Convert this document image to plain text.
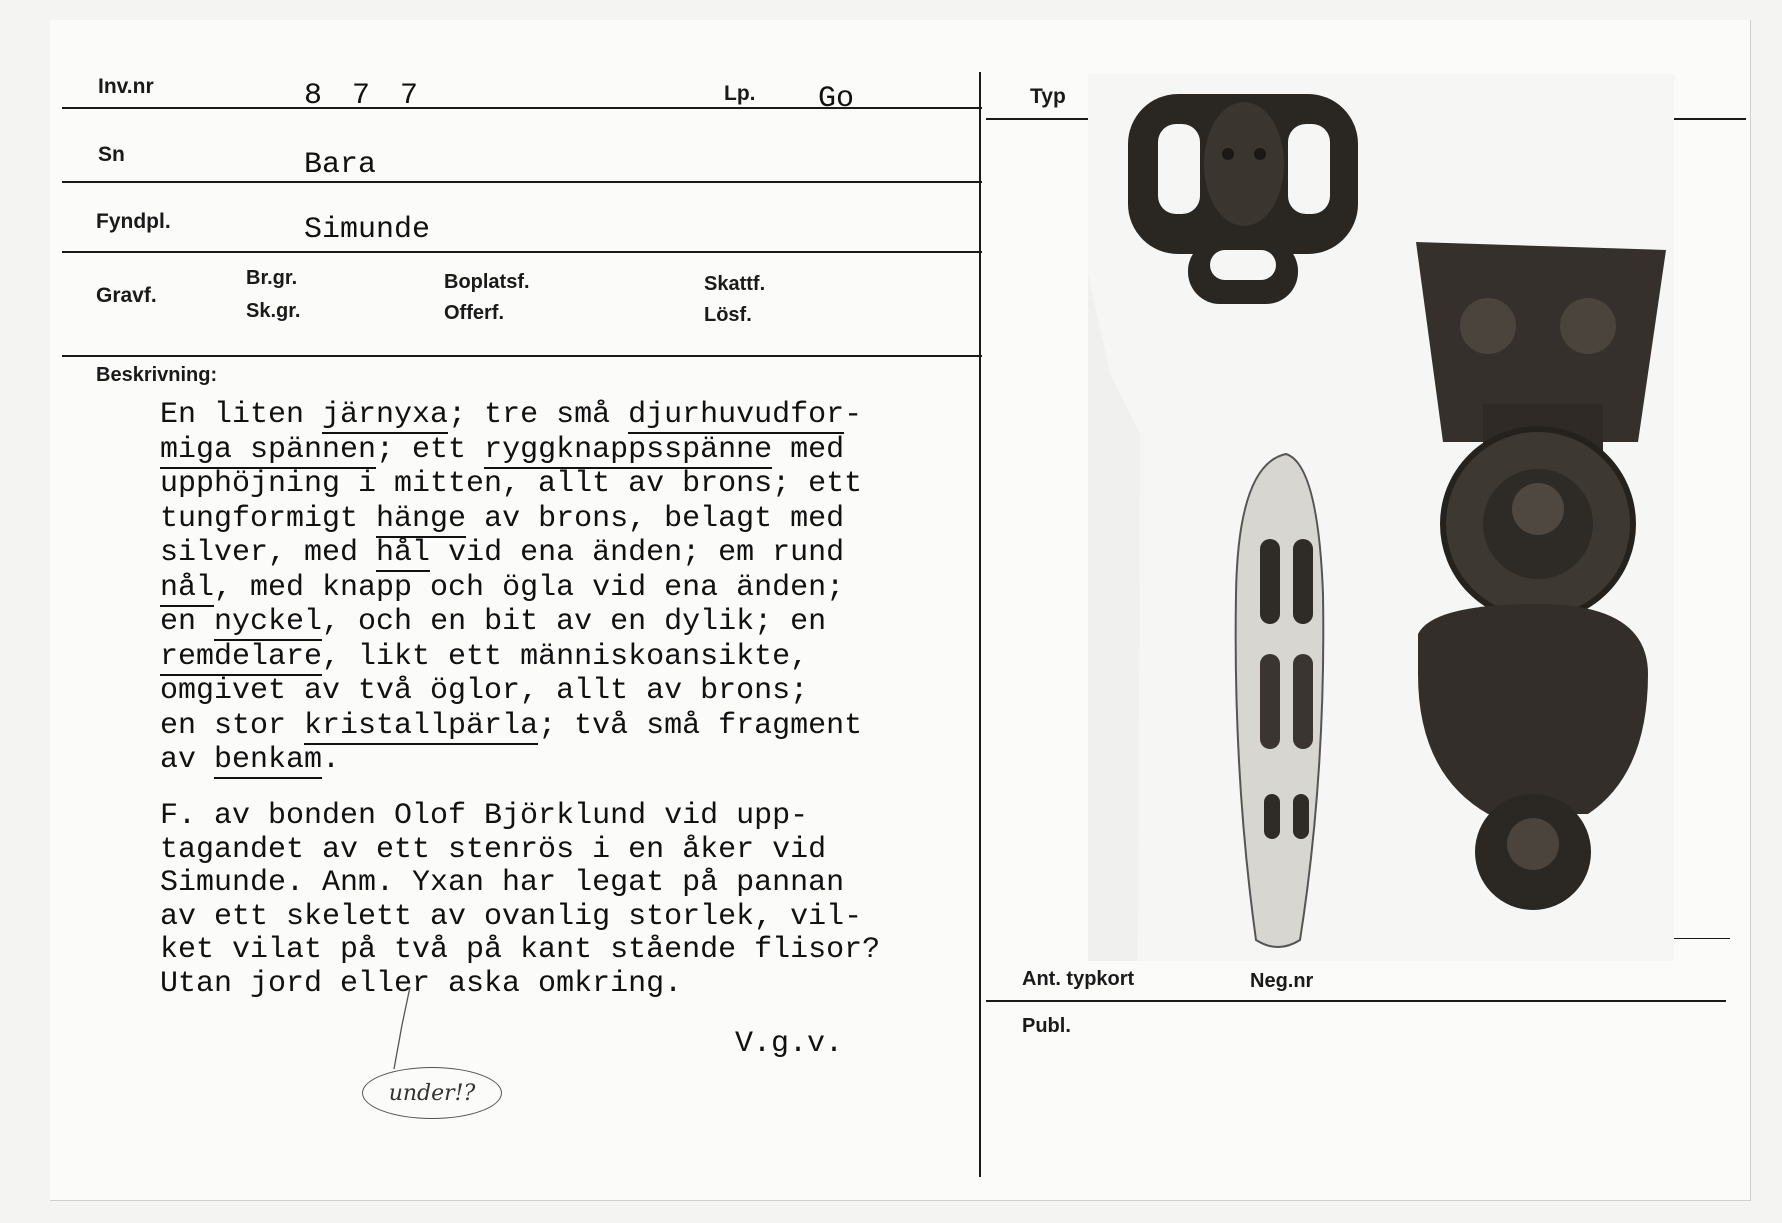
Inv.nr	8 7 7	Lp. Go
Sn	Bara
Fyndpl.	Simunde
Gravf.
Br.gr.
Sk.gr.
Boplatsf.
Offerf.
Skattf.
Lösf.
Beskrivning:
Typ
Ant. typkort	Neg.nr
Publ.
En liten järnyxa; tre små djurhuvudfor-
miga spännen; ett ryggknappsspänne med
upphöjning i mitten, allt av brons; ett
tungformigt hänge av brons, belagt med
silver, med hål vid ena änden; em rund
nål, med knapp och ögla vid ena änden;
en nyckel, och en bit av en dylik; en
remdelare, likt ett människoansikte,
omgivet av två öglor, allt av brons;
en stor kristallpärla; två små fragment
av benkam.
F. av bonden Olof Björklund vid upp-
tagandet av ett stenrös i en åker vid
Simunde. Anm. Yxan har legat på pannan
av ett skelett av ovanlig storlek, vil-
ket vilat på två på kant stående flisor?
Utan jord eller aska omkring.
V.g.v.
under!?
